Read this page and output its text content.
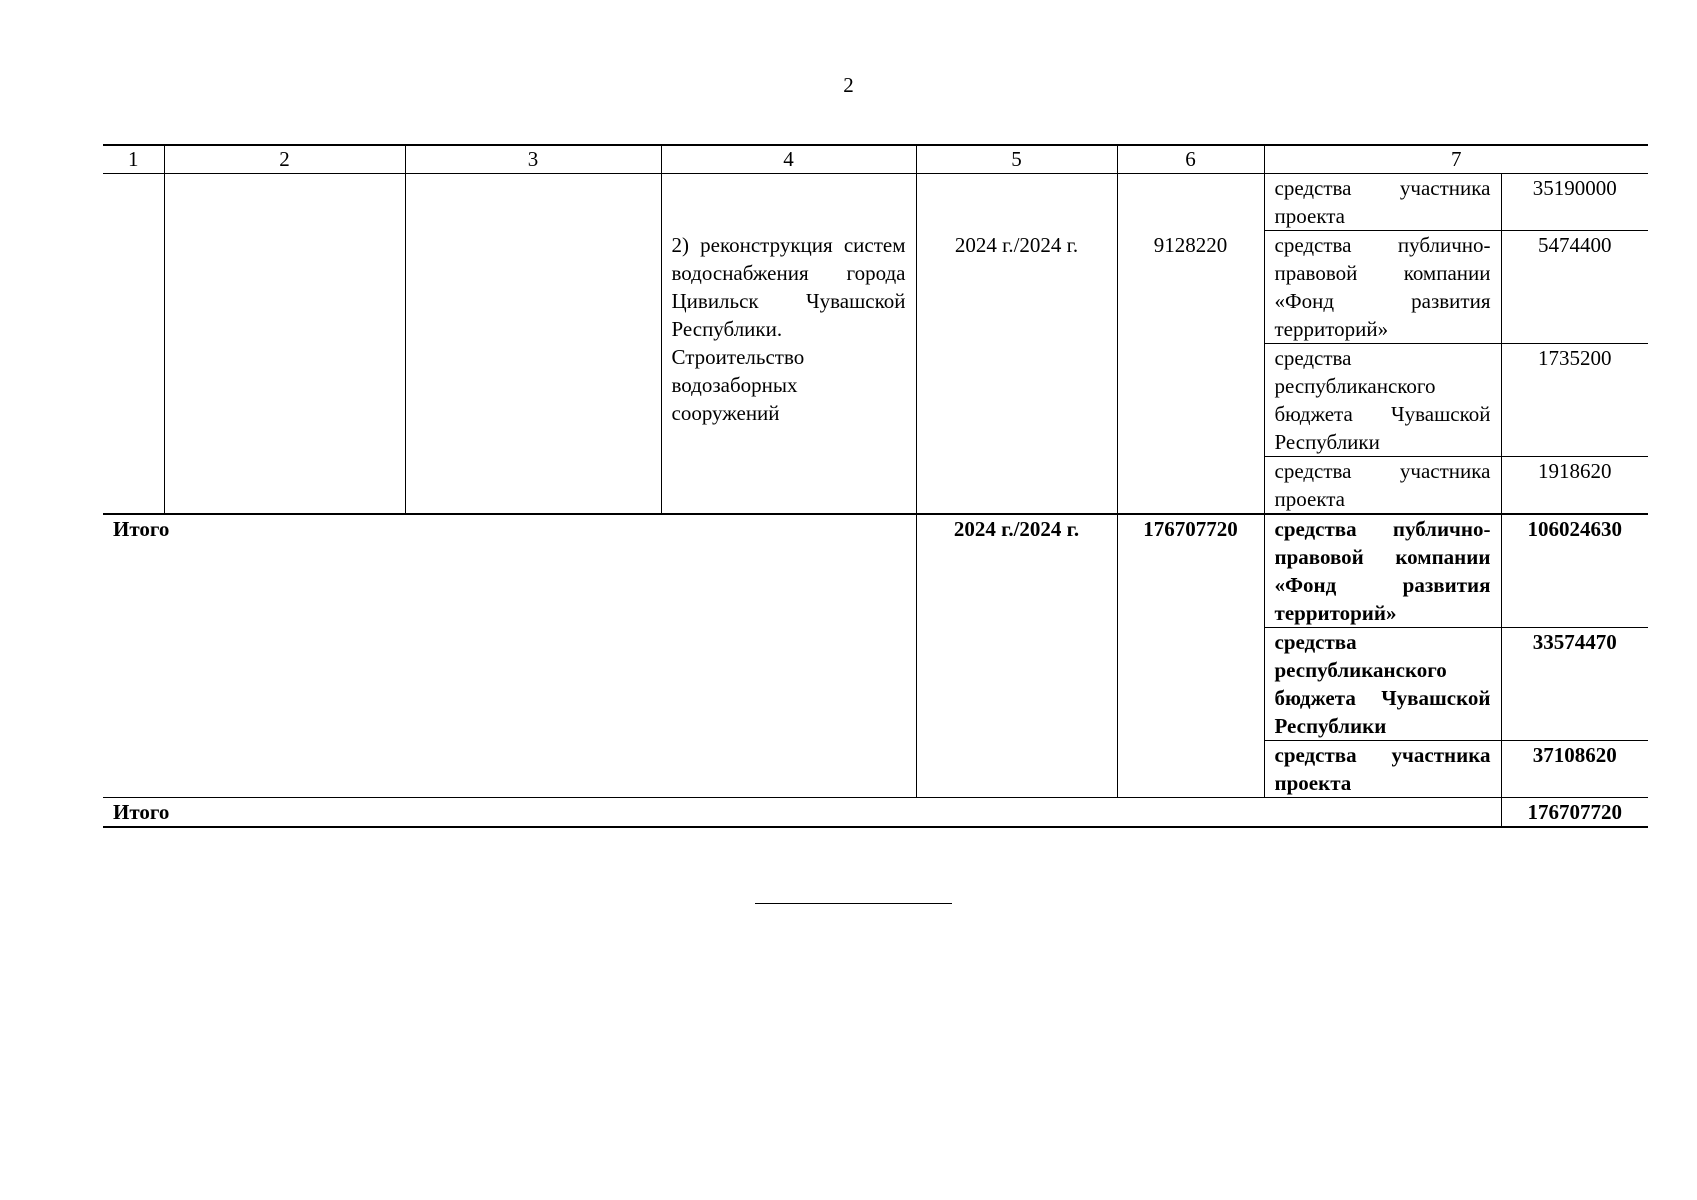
2
1	2	3	4	5	6	7	
						средства участника проекта	35190000
			2) реконструкция систем водоснабжения города Цивильск Чувашской Республики. Строительство водозаборных сооружений	2024 г./2024 г.	9128220	средства публично-правовой компании «Фонд развития территорий»	5474400
						средства республиканского бюджета Чувашской Республики	1735200
						средства участника проекта	1918620
Итого				2024 г./2024 г.	176707720	средства публично-правовой компании «Фонд развития территорий»	106024630
						средства республиканского бюджета Чувашской Республики	33574470
						средства участника проекта	37108620
Итого							176707720
